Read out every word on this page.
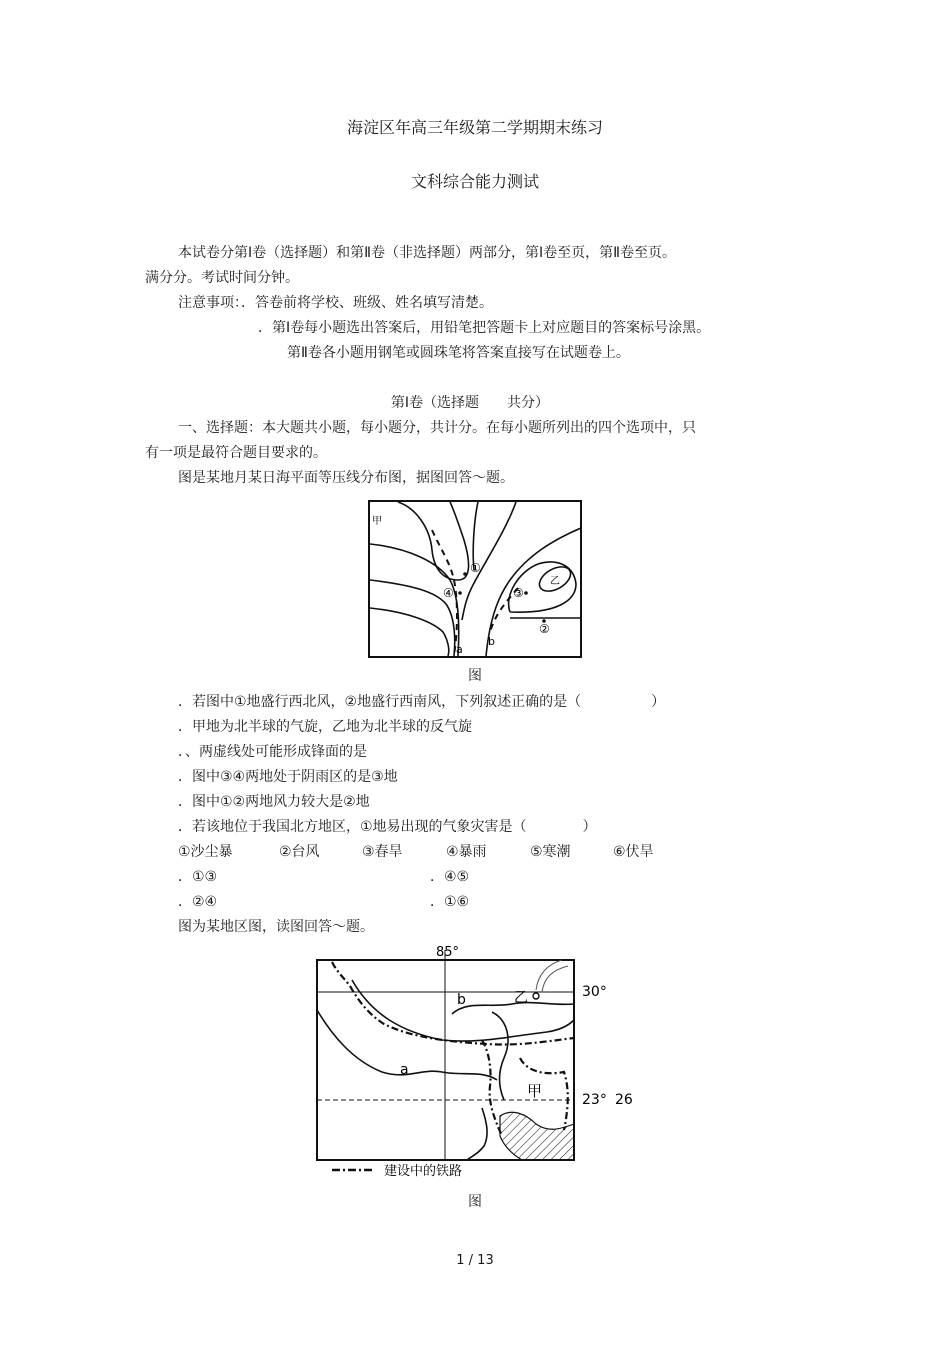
海淀区年高三年级第二学期期末练习
文科综合能力测试
本试卷分第Ⅰ卷（选择题）和第Ⅱ卷（非选择题）两部分，第Ⅰ卷至页，第Ⅱ卷至页。
满分分。考试时间分钟。
注意事项：．答卷前将学校、班级、姓名填写清楚。
．第Ⅰ卷每小题选出答案后，用铅笔把答题卡上对应题目的答案标号涂黑。
第Ⅱ卷各小题用钢笔或圆珠笔将答案直接写在试题卷上。
第Ⅰ卷（选择题　　共分）
一、选择题：本大题共小题，每小题分，共计分。在每小题所列出的四个选项中，只
有一项是最符合题目要求的。
图是某地月某日海平面等压线分布图，据图回答～题。
甲
乙
①
④	③
②
a
b
图
．若图中①地盛行西北风，②地盛行西南风，下列叙述正确的是（　　　　　）
．甲地为北半球的气旋，乙地为北半球的反气旋
．、两虚线处可能形成锋面的是
．图中③④两地处于阴雨区的是③地
．图中①②两地风力较大是②地
．若该地位于我国北方地区，①地易出现的气象灾害是（　　　　）
①沙尘暴	②台风	③春旱	④暴雨	⑤寒潮	⑥伏旱
．①③	．④⑤
．②④	．①⑥
图为某地区图，读图回答～题。
85°
30°
23° 26
a
b	乙
甲
建设中的铁路
图
1 / 13
